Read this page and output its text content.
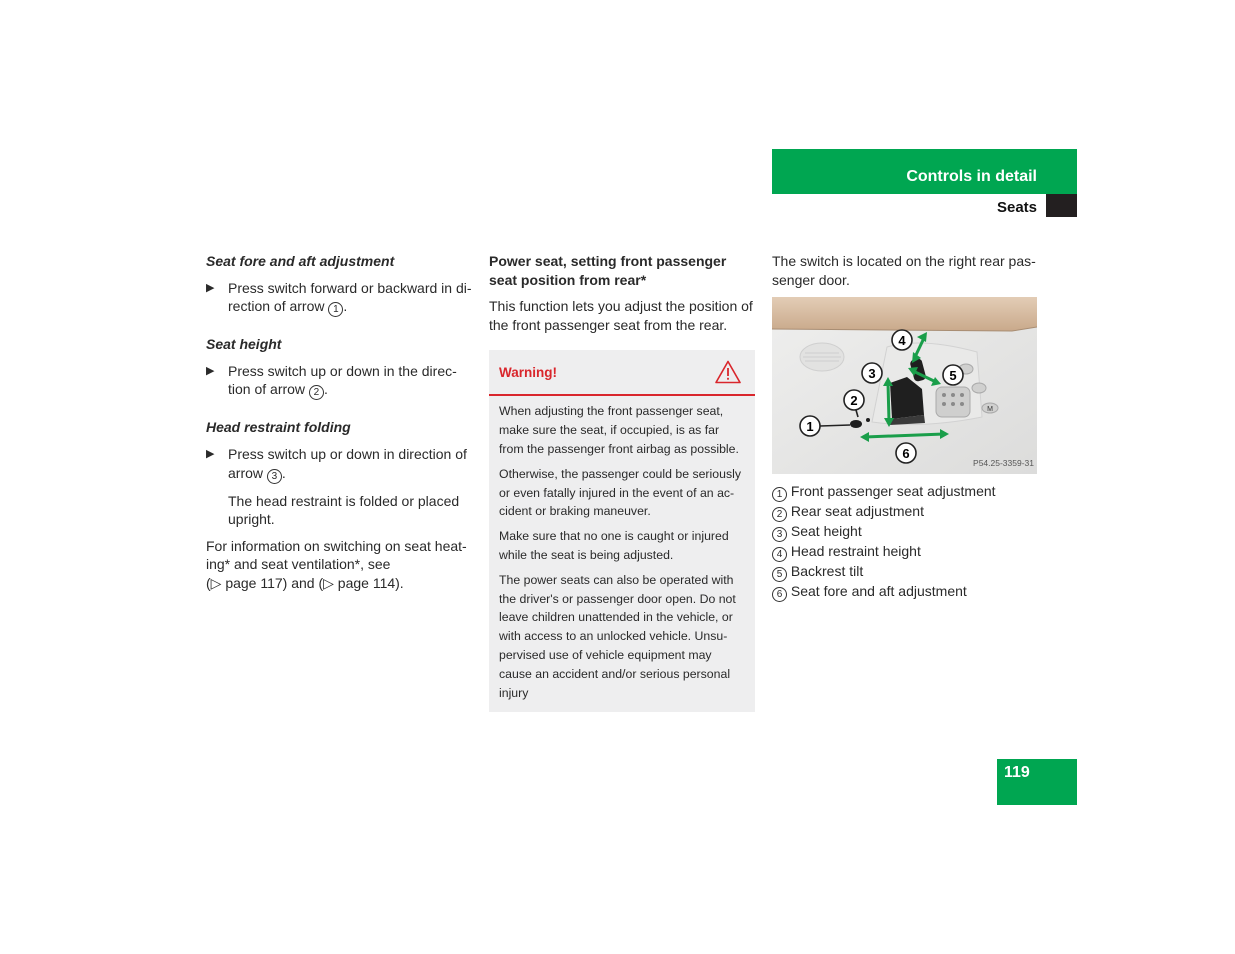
Controls in detail
Seats
Seat fore and aft adjustment
▶ Press switch forward or backward in di-rection of arrow 1 .
Seat height
▶ Press switch up or down in the direc-tion of arrow 2 .
Head restraint folding
▶ Press switch up or down in direction of arrow 3 .
The head restraint is folded or placed upright.
For information on switching on seat heat-ing* and seat ventilation*, see
(▷ page 117) and (▷ page 114).
Power seat, setting front passenger seat position from rear*
This function lets you adjust the position of the front passenger seat from the rear.
Warning!

When adjusting the front passenger seat, make sure the seat, if occupied, is as far from the passenger front airbag as possible.

Otherwise, the passenger could be seriously or even fatally injured in the event of an ac-cident or braking maneuver.

Make sure that no one is caught or injured while the seat is being adjusted.

The power seats can also be operated with the driver's or passenger door open. Do not leave children unattended in the vehicle, or with access to an unlocked vehicle. Unsu-pervised use of vehicle equipment may cause an accident and/or serious personal injury

The switch is located on the right rear pas-senger door.
M
1
2
3
4
5
6
P54.25-3359-31
1 Front passenger seat adjustment
2 Rear seat adjustment
3 Seat height
4 Head restraint height
5 Backrest tilt
6 Seat fore and aft adjustment
119
